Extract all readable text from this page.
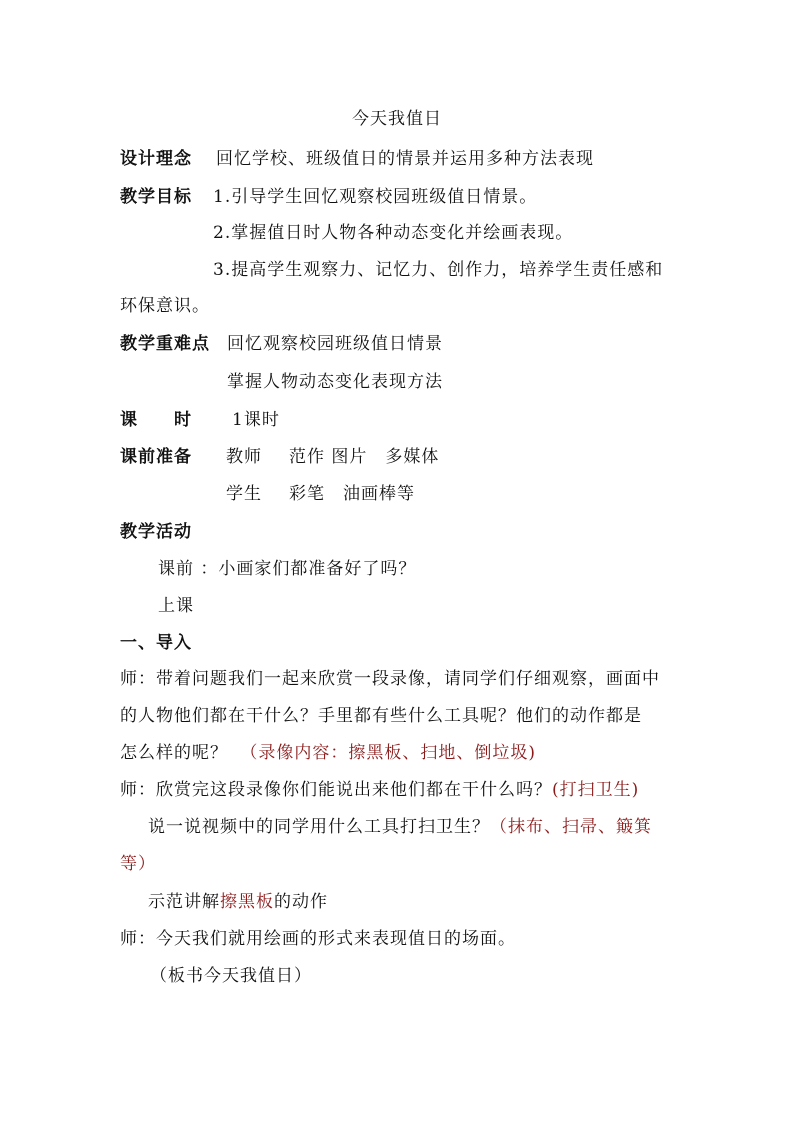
今天我值日
设计理念 回忆学校、班级值日的情景并运用多种方法表现
教学目标 1.引导学生回忆观察校园班级值日情景。
2.掌握值日时人物各种动态变化并绘画表现。
3.提高学生观察力、记忆力、创作力，培养学生责任感和
环保意识。
教学重难点 回忆观察校园班级值日情景
掌握人物动态变化表现方法
课　　时 1课时
课前准备 教师 范作 图片　多媒体
学生 彩笔　油画棒等
教学活动
课前 ：小画家们都准备好了吗？
上课
一、导入
师：带着问题我们一起来欣赏一段录像，请同学们仔细观察，画面中
的人物他们都在干什么？手里都有些什么工具呢？他们的动作都是
怎么样的呢？ （录像内容：擦黑板、扫地、倒垃圾)
师：欣赏完这段录像你们能说出来他们都在干什么吗？(打扫卫生)
说一说视频中的同学用什么工具打扫卫生？（抹布、扫帚、簸箕
等）
示范讲解擦黑板的动作
师：今天我们就用绘画的形式来表现值日的场面。
（板书今天我值日）
